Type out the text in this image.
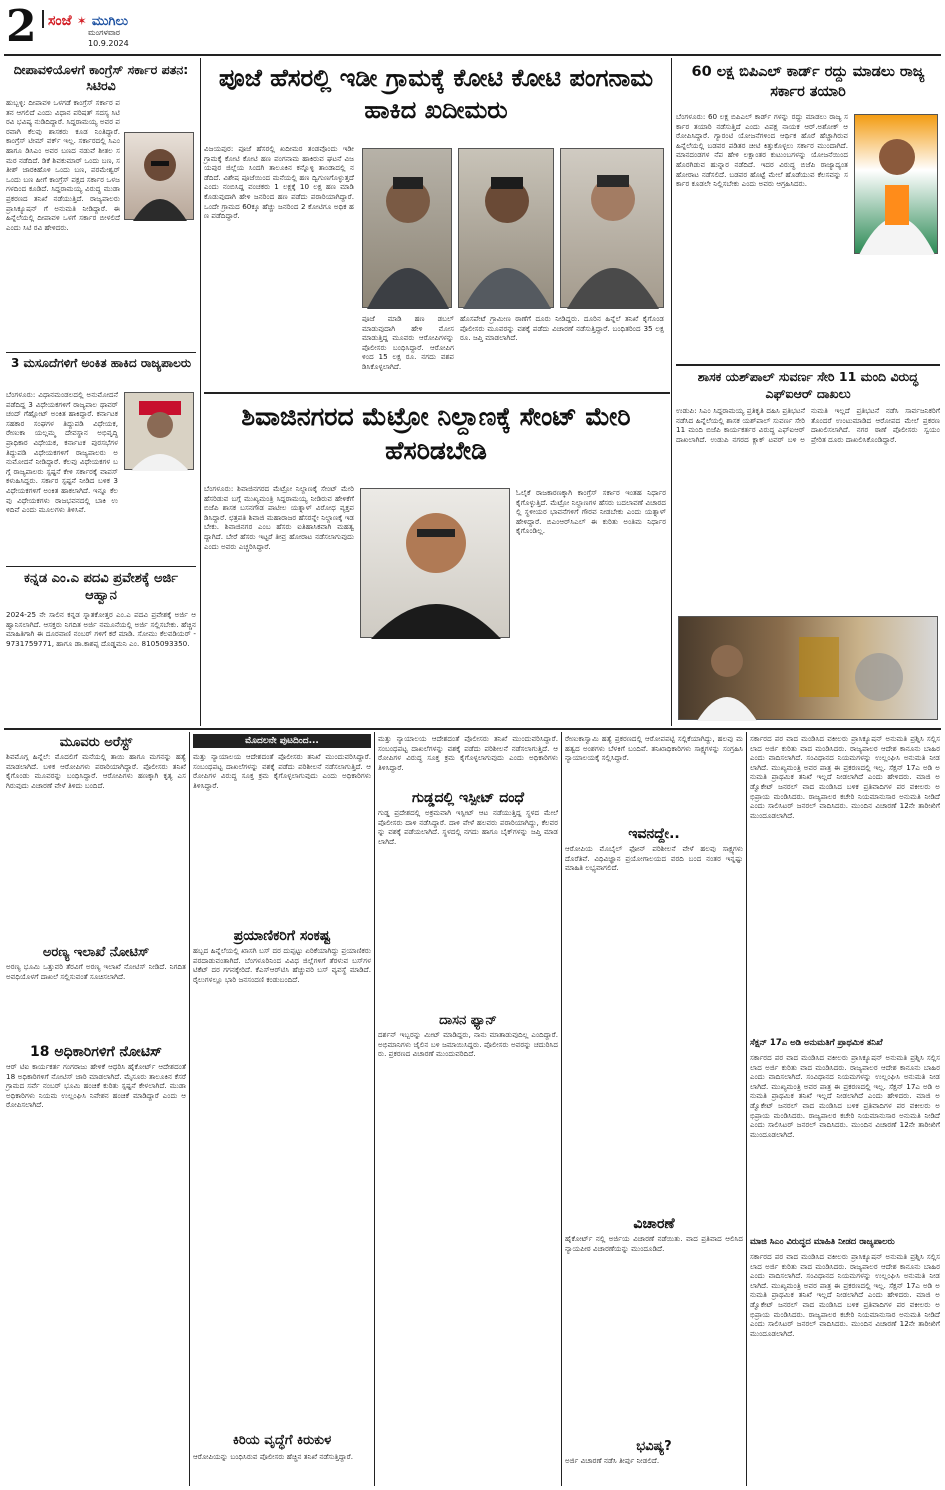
2 ಸಂಜೆ ✶ ಮುಗಿಲು
ಮಂಗಳವಾರ
10.9.2024
ದೀಪಾವಳಿಯೊಳಗೆ ಕಾಂಗ್ರೆಸ್ ಸರ್ಕಾರ ಪತನ: ಸಿಟಿರವಿ
ಹುಬ್ಬಳ್ಳಿ: ದೀಪಾವಳಿ ಒಳಗಡೆ ಕಾಂಗ್ರೆಸ್ ಸರ್ಕಾರ ಪತನ ಆಗಲಿದೆ ಎಂದು ವಿಧಾನ ಪರಿಷತ್ ಸದಸ್ಯ ಸಿಟಿ ರವಿ ಭವಿಷ್ಯ ನುಡಿದಿದ್ದಾರೆ. ಸಿದ್ದರಾಮಯ್ಯ ಅವರ ಪರವಾಗಿ ಕೆಲವು ಶಾಸಕರು ಕೂಡ ನಿಂತಿದ್ದಾರೆ. ಕಾಂಗ್ರೆಸ್ ಟೀಮ್ ವರ್ಕ್ ಇಲ್ಲ. ಸರ್ಕಾರದಲ್ಲಿ ಸಿಎಂ ಹಾಗೂ ಡಿಸಿಎಂ ಅವರ ಬಣದ ನಡುವೆ ಶೀತಲ ಸಮರ ನಡೆದಿದೆ. ಡಿಕೆ ಶಿವಕುಮಾರ್ ಒಂದು ಬಣ, ಸತೀಶ್ ಜಾರಕಿಹೊಳಿ ಒಂದು ಬಣ, ಪರಮೇಶ್ವರ್ ಒಂದು ಬಣ ಹೀಗೆ ಕಾಂಗ್ರೆಸ್ ಪಕ್ಷದ ಸರ್ಕಾರ ಒಳಜಗಳದಿಂದ ಕೂಡಿದೆ. ಸಿದ್ದರಾಮಯ್ಯ ವಿರುದ್ಧ ಮುಡಾ ಪ್ರಕರಣದ ತನಿಖೆ ನಡೆಯುತ್ತಿದೆ. ರಾಜ್ಯಪಾಲರು ಪ್ರಾಸಿಕ್ಯೂಷನ್ ಗೆ ಅನುಮತಿ ನೀಡಿದ್ದಾರೆ. ಈ ಹಿನ್ನೆಲೆಯಲ್ಲಿ ದೀಪಾವಳಿ ಒಳಗೆ ಸರ್ಕಾರ ಬೀಳಲಿದೆ ಎಂದು ಸಿಟಿ ರವಿ ಹೇಳಿದರು.
3 ಮಸೂದೆಗಳಿಗೆ ಅಂಕಿತ ಹಾಕಿದ ರಾಜ್ಯಪಾಲರು
ಬೆಂಗಳೂರು: ವಿಧಾನಮಂಡಲದಲ್ಲಿ ಅನುಮೋದನೆ ಪಡೆದಿದ್ದ 3 ವಿಧೇಯಕಗಳಿಗೆ ರಾಜ್ಯಪಾಲ ಥಾವರ್ ಚಂದ್ ಗೆಹ್ಲೋಟ್ ಅಂಕಿತ ಹಾಕಿದ್ದಾರೆ. ಕರ್ನಾಟಕ ಸಹಕಾರ ಸಂಘಗಳ ತಿದ್ದುಪಡಿ ವಿಧೇಯಕ, ರೇಣುಕಾ ಯಲ್ಲಮ್ಮ ದೇವಸ್ಥಾನ ಅಭಿವೃದ್ಧಿ ಪ್ರಾಧಿಕಾರ ವಿಧೇಯಕ, ಕರ್ನಾಟಕ ಪುರಸಭೆಗಳ ತಿದ್ದುಪಡಿ ವಿಧೇಯಕಗಳಿಗೆ ರಾಜ್ಯಪಾಲರು ಅನುಮೋದನೆ ನೀಡಿದ್ದಾರೆ. ಕೆಲವು ವಿಧೇಯಕಗಳ ಬಗ್ಗೆ ರಾಜ್ಯಪಾಲರು ಸ್ಪಷ್ಟನೆ ಕೇಳಿ ಸರ್ಕಾರಕ್ಕೆ ವಾಪಸ್ ಕಳುಹಿಸಿದ್ದರು. ಸರ್ಕಾರ ಸ್ಪಷ್ಟನೆ ನೀಡಿದ ಬಳಿಕ 3 ವಿಧೇಯಕಗಳಿಗೆ ಅಂಕಿತ ಹಾಕಲಾಗಿದೆ. ಇನ್ನೂ ಕೆಲವು ವಿಧೇಯಕಗಳು ರಾಜಭವನದಲ್ಲಿ ಬಾಕಿ ಉಳಿದಿವೆ ಎಂದು ಮೂಲಗಳು ತಿಳಿಸಿವೆ.
ಕನ್ನಡ ಎಂ.ಎ ಪದವಿ ಪ್ರವೇಶಕ್ಕೆ ಅರ್ಜಿ ಆಹ್ವಾನ
2024-25 ನೇ ಸಾಲಿನ ಕನ್ನಡ ಸ್ನಾತಕೋತ್ತರ ಎಂ.ಎ ಪದವಿ ಪ್ರವೇಶಕ್ಕೆ ಅರ್ಜಿ ಆಹ್ವಾನಿಸಲಾಗಿದೆ. ಆಸಕ್ತರು ನಿಗದಿತ ಅರ್ಜಿ ನಮೂನೆಯಲ್ಲಿ ಅರ್ಜಿ ಸಲ್ಲಿಸಬೇಕು. ಹೆಚ್ಚಿನ ಮಾಹಿತಿಗಾಗಿ ಈ ದೂರವಾಣಿ ನಂಬರ್ ಗಳಿಗೆ ಕರೆ ಮಾಡಿ. ಸೋಮು ಕೆಲವಡಿಯರ್ - 9731759771, ಹಾಗೂ ಡಾ.ಕಾಶಪ್ಪ ದೊಡ್ಡಮನಿ ಎಂ. 8105093350.
ಪೂಜೆ ಹೆಸರಲ್ಲಿ ಇಡೀ ಗ್ರಾಮಕ್ಕೆ ಕೋಟಿ ಕೋಟಿ ಪಂಗನಾಮ ಹಾಕಿದ ಖದೀಮರು
ವಿಜಯಪುರ: ಪೂಜೆ ಹೆಸರಲ್ಲಿ ಖದೀಮರ ತಂಡವೊಂದು ಇಡೀ ಗ್ರಾಮಕ್ಕೆ ಕೋಟಿ ಕೋಟಿ ಹಣ ಪಂಗನಾಮ ಹಾಕಿರುವ ಘಟನೆ ವಿಜಯಪುರ ಜಿಲ್ಲೆಯ ಸಿಂದಗಿ ತಾಲೂಕಿನ ಕನ್ನೊಳ್ಳಿ ತಾಂಡಾದಲ್ಲಿ ನಡೆದಿದೆ. ವಿಶೇಷ ಪೂಜೆಯಿಂದ ಮನೆಯಲ್ಲಿ ಹಣ ದ್ವಿಗುಣಗೊಳ್ಳುತ್ತದೆ ಎಂದು ನಂಬಿಸಿದ್ದ ವಂಚಕರು 1 ಲಕ್ಷಕ್ಕೆ 10 ಲಕ್ಷ ಹಣ ಮಾಡಿ ಕೊಡುವುದಾಗಿ ಹೇಳಿ ಜನರಿಂದ ಹಣ ಪಡೆದು ಪರಾರಿಯಾಗಿದ್ದಾರೆ. ಒಂದೇ ಗ್ರಾಮದ 60ಕ್ಕೂ ಹೆಚ್ಚು ಜನರಿಂದ 2 ಕೋಟಿಗೂ ಅಧಿಕ ಹಣ ಪಡೆದಿದ್ದಾರೆ.
ಪೂಜೆ ಮಾಡಿ ಹಣ ಡಬಲ್ ಮಾಡುವುದಾಗಿ ಹೇಳಿ ಮೋಸ ಮಾಡುತ್ತಿದ್ದ ಮೂವರು ಆರೋಪಿಗಳನ್ನು ಪೊಲೀಸರು ಬಂಧಿಸಿದ್ದಾರೆ. ಆರೋಪಿಗಳಿಂದ 15 ಲಕ್ಷ ರೂ. ನಗದು ವಶಪಡಿಸಿಕೊಳ್ಳಲಾಗಿದೆ.
ಹೊಸಪೇಟೆ ಗ್ರಾಮೀಣ ಠಾಣೆಗೆ ದೂರು ನೀಡಿದ್ದರು. ದೂರಿನ ಹಿನ್ನೆಲೆ ತನಿಖೆ ಕೈಗೊಂಡ ಪೊಲೀಸರು ಮೂವರನ್ನು ವಶಕ್ಕೆ ಪಡೆದು ವಿಚಾರಣೆ ನಡೆಸುತ್ತಿದ್ದಾರೆ. ಬಂಧಿತರಿಂದ 35 ಲಕ್ಷ ರೂ. ಜಪ್ತಿ ಮಾಡಲಾಗಿದೆ.
ಶಿವಾಜಿನಗರದ ಮೆಟ್ರೋ ನಿಲ್ದಾಣಕ್ಕೆ ಸೇಂಟ್ ಮೇರಿ ಹೆಸರಿಡಬೇಡಿ
ಬೆಂಗಳೂರು: ಶಿವಾಜಿನಗರದ ಮೆಟ್ರೋ ನಿಲ್ದಾಣಕ್ಕೆ ಸೇಂಟ್ ಮೇರಿ ಹೆಸರಿಡುವ ಬಗ್ಗೆ ಮುಖ್ಯಮಂತ್ರಿ ಸಿದ್ದರಾಮಯ್ಯ ನೀಡಿರುವ ಹೇಳಿಕೆಗೆ ಬಿಜೆಪಿ ಶಾಸಕ ಬಸನಗೌಡ ಪಾಟೀಲ ಯತ್ನಾಳ್ ವಿರೋಧ ವ್ಯಕ್ತಪಡಿಸಿದ್ದಾರೆ. ಛತ್ರಪತಿ ಶಿವಾಜಿ ಮಹಾರಾಜರ ಹೆಸರನ್ನೇ ನಿಲ್ದಾಣಕ್ಕೆ ಇಡಬೇಕು. ಶಿವಾಜಿನಗರ ಎಂಬ ಹೆಸರು ಐತಿಹಾಸಿಕವಾಗಿ ಮಹತ್ವದ್ದಾಗಿದೆ. ಬೇರೆ ಹೆಸರು ಇಟ್ಟರೆ ತೀವ್ರ ಹೋರಾಟ ನಡೆಸಲಾಗುವುದು ಎಂದು ಅವರು ಎಚ್ಚರಿಸಿದ್ದಾರೆ.
ಓಲೈಕೆ ರಾಜಕಾರಣಕ್ಕಾಗಿ ಕಾಂಗ್ರೆಸ್ ಸರ್ಕಾರ ಇಂತಹ ನಿರ್ಧಾರ ಕೈಗೊಳ್ಳುತ್ತಿದೆ. ಮೆಟ್ರೋ ನಿಲ್ದಾಣಗಳ ಹೆಸರು ಬದಲಾವಣೆ ವಿಚಾರದಲ್ಲಿ ಸ್ಥಳೀಯರ ಭಾವನೆಗಳಿಗೆ ಗೌರವ ನೀಡಬೇಕು ಎಂದು ಯತ್ನಾಳ್ ಹೇಳಿದ್ದಾರೆ. ಬಿಎಂಆರ್‌ಸಿಎಲ್ ಈ ಕುರಿತು ಅಂತಿಮ ನಿರ್ಧಾರ ಕೈಗೊಂಡಿಲ್ಲ.
60 ಲಕ್ಷ ಬಿಪಿಎಲ್ ಕಾರ್ಡ್ ರದ್ದು ಮಾಡಲು ರಾಜ್ಯ ಸರ್ಕಾರ ತಯಾರಿ
ಬೆಂಗಳೂರು: 60 ಲಕ್ಷ ಬಿಪಿಎಲ್ ಕಾರ್ಡ್ ಗಳನ್ನು ರದ್ದು ಮಾಡಲು ರಾಜ್ಯ ಸರ್ಕಾರ ತಯಾರಿ ನಡೆಸುತ್ತಿದೆ ಎಂದು ವಿಪಕ್ಷ ನಾಯಕ ಆರ್.ಅಶೋಕ್ ಆರೋಪಿಸಿದ್ದಾರೆ. ಗ್ಯಾರಂಟಿ ಯೋಜನೆಗಳಿಂದ ಆರ್ಥಿಕ ಹೊರೆ ಹೆಚ್ಚಾಗಿರುವ ಹಿನ್ನೆಲೆಯಲ್ಲಿ ಬಡವರ ಪಡಿತರ ಚೀಟಿ ಕಿತ್ತುಕೊಳ್ಳಲು ಸರ್ಕಾರ ಮುಂದಾಗಿದೆ. ಮಾನದಂಡಗಳ ನೆಪ ಹೇಳಿ ಲಕ್ಷಾಂತರ ಕುಟುಂಬಗಳನ್ನು ಯೋಜನೆಯಿಂದ ಹೊರಗಿಡುವ ಹುನ್ನಾರ ನಡೆದಿದೆ. ಇದರ ವಿರುದ್ಧ ಬಿಜೆಪಿ ರಾಜ್ಯಾದ್ಯಂತ ಹೋರಾಟ ನಡೆಸಲಿದೆ. ಬಡವರ ಹೊಟ್ಟೆ ಮೇಲೆ ಹೊಡೆಯುವ ಕೆಲಸವನ್ನು ಸರ್ಕಾರ ಕೂಡಲೇ ನಿಲ್ಲಿಸಬೇಕು ಎಂದು ಅವರು ಆಗ್ರಹಿಸಿದರು.
ಶಾಸಕ ಯಶ್‌ಪಾಲ್ ಸುವರ್ಣ ಸೇರಿ 11 ಮಂದಿ ವಿರುದ್ಧ ಎಫ್‌ಐಆರ್ ದಾಖಲು
ಉಡುಪಿ: ಸಿಎಂ ಸಿದ್ದರಾಮಯ್ಯ ಪ್ರತಿಕೃತಿ ದಹಿಸಿ ಪ್ರತಿಭಟನೆ ನಡೆಸಿದ ಹಿನ್ನೆಲೆಯಲ್ಲಿ ಶಾಸಕ ಯಶ್‌ಪಾಲ್ ಸುವರ್ಣ ಸೇರಿ 11 ಮಂದಿ ಬಿಜೆಪಿ ಕಾರ್ಯಕರ್ತರ ವಿರುದ್ಧ ಎಫ್‌ಐಆರ್ ದಾಖಲಾಗಿದೆ. ಉಡುಪಿ ನಗರದ ಕ್ಲಾಕ್ ಟವರ್ ಬಳಿ ಅನುಮತಿ ಇಲ್ಲದೆ ಪ್ರತಿಭಟನೆ ನಡೆಸಿ ಸಾರ್ವಜನಿಕರಿಗೆ ತೊಂದರೆ ಉಂಟುಮಾಡಿದ ಆರೋಪದ ಮೇಲೆ ಪ್ರಕರಣ ದಾಖಲಿಸಲಾಗಿದೆ. ನಗರ ಠಾಣೆ ಪೊಲೀಸರು ಸ್ವಯಂ ಪ್ರೇರಿತ ದೂರು ದಾಖಲಿಸಿಕೊಂಡಿದ್ದಾರೆ.
ಮೂವರು ಅರೆಸ್ಟ್
ಶಿವಮೊಗ್ಗ ಹಿನ್ನೆಲೆ: ಮೊದಲಿಗೆ ಮನೆಯಲ್ಲಿ ತಾಯಿ ಹಾಗೂ ಮಗನನ್ನು ಹತ್ಯೆ ಮಾಡಲಾಗಿದೆ. ಬಳಿಕ ಆರೋಪಿಗಳು ಪರಾರಿಯಾಗಿದ್ದಾರೆ. ಪೊಲೀಸರು ತನಿಖೆ ಕೈಗೊಂಡು ಮೂವರನ್ನು ಬಂಧಿಸಿದ್ದಾರೆ. ಆರೋಪಿಗಳು ಹಣಕ್ಕಾಗಿ ಕೃತ್ಯ ಎಸಗಿರುವುದು ವಿಚಾರಣೆ ವೇಳೆ ತಿಳಿದು ಬಂದಿದೆ.
ಅರಣ್ಯ ಇಲಾಖೆ ನೋಟಿಸ್
ಅರಣ್ಯ ಭೂಮಿ ಒತ್ತುವರಿ ತೆರವಿಗೆ ಅರಣ್ಯ ಇಲಾಖೆ ನೋಟಿಸ್ ನೀಡಿದೆ. ನಿಗದಿತ ಅವಧಿಯೊಳಗೆ ದಾಖಲೆ ಸಲ್ಲಿಸುವಂತೆ ಸೂಚಿಸಲಾಗಿದೆ.
18 ಅಧಿಕಾರಿಗಳಿಗೆ ನೋಟಿಸ್
ಆರ್ ಟಿಐ ಕಾರ್ಯಕರ್ತ ಗಂಗರಾಜು ಹೇಳಿಕೆ ಆಧರಿಸಿ ಹೈಕೋರ್ಟ್ ಆದೇಶದಂತೆ 18 ಅಧಿಕಾರಿಗಳಿಗೆ ನೋಟಿಸ್ ಜಾರಿ ಮಾಡಲಾಗಿದೆ. ಮೈಸೂರು ತಾಲೂಕಿನ ಕೆಸರೆ ಗ್ರಾಮದ ಸರ್ವೆ ನಂಬರ್ ಭೂಮಿ ಹಂಚಿಕೆ ಕುರಿತು ಸ್ಪಷ್ಟನೆ ಕೇಳಲಾಗಿದೆ. ಮುಡಾ ಅಧಿಕಾರಿಗಳು ನಿಯಮ ಉಲ್ಲಂಘಿಸಿ ನಿವೇಶನ ಹಂಚಿಕೆ ಮಾಡಿದ್ದಾರೆ ಎಂದು ಆರೋಪಿಸಲಾಗಿದೆ.
ಮೊದಲನೇ ಪುಟದಿಂದ...
ಮತ್ತು ನ್ಯಾಯಾಲಯ ಆದೇಶದಂತೆ ಪೊಲೀಸರು ತನಿಖೆ ಮುಂದುವರಿಸಿದ್ದಾರೆ. ಸಂಬಂಧಪಟ್ಟ ದಾಖಲೆಗಳನ್ನು ವಶಕ್ಕೆ ಪಡೆದು ಪರಿಶೀಲನೆ ನಡೆಸಲಾಗುತ್ತಿದೆ. ಆರೋಪಿಗಳ ವಿರುದ್ಧ ಸೂಕ್ತ ಕ್ರಮ ಕೈಗೊಳ್ಳಲಾಗುವುದು ಎಂದು ಅಧಿಕಾರಿಗಳು ತಿಳಿಸಿದ್ದಾರೆ.
ಪ್ರಯಾಣಿಕರಿಗೆ ಸಂಕಷ್ಟ
ಹಬ್ಬದ ಹಿನ್ನೆಲೆಯಲ್ಲಿ ಖಾಸಗಿ ಬಸ್ ದರ ದುಪ್ಪಟ್ಟು ಏರಿಕೆಯಾಗಿದ್ದು ಪ್ರಯಾಣಿಕರು ಪರದಾಡುವಂತಾಗಿದೆ. ಬೆಂಗಳೂರಿನಿಂದ ವಿವಿಧ ಜಿಲ್ಲೆಗಳಿಗೆ ತೆರಳುವ ಬಸ್‌ಗಳ ಟಿಕೆಟ್ ದರ ಗಗನಕ್ಕೇರಿದೆ. ಕೆಎಸ್‌ಆರ್‌ಟಿಸಿ ಹೆಚ್ಚುವರಿ ಬಸ್ ವ್ಯವಸ್ಥೆ ಮಾಡಿದೆ. ರೈಲುಗಳಲ್ಲೂ ಭಾರಿ ಜನಸಂದಣಿ ಕಂಡುಬಂದಿದೆ.
ಕಿರಿಯ ವೃದ್ಧೆಗೆ ಕಿರುಕುಳ
ಆರೋಪಿಯನ್ನು ಬಂಧಿಸಿರುವ ಪೊಲೀಸರು ಹೆಚ್ಚಿನ ತನಿಖೆ ನಡೆಸುತ್ತಿದ್ದಾರೆ.
ಮತ್ತು ನ್ಯಾಯಾಲಯ ಆದೇಶದಂತೆ ಪೊಲೀಸರು ತನಿಖೆ ಮುಂದುವರಿಸಿದ್ದಾರೆ. ಸಂಬಂಧಪಟ್ಟ ದಾಖಲೆಗಳನ್ನು ವಶಕ್ಕೆ ಪಡೆದು ಪರಿಶೀಲನೆ ನಡೆಸಲಾಗುತ್ತಿದೆ. ಆರೋಪಿಗಳ ವಿರುದ್ಧ ಸೂಕ್ತ ಕ್ರಮ ಕೈಗೊಳ್ಳಲಾಗುವುದು ಎಂದು ಅಧಿಕಾರಿಗಳು ತಿಳಿಸಿದ್ದಾರೆ.
ಗುಡ್ಡದಲ್ಲಿ ಇಸ್ಪೀಟ್ ದಂಧೆ
ಗುಡ್ಡ ಪ್ರದೇಶದಲ್ಲಿ ಅಕ್ರಮವಾಗಿ ಇಸ್ಪೀಟ್ ಆಟ ನಡೆಯುತ್ತಿದ್ದ ಸ್ಥಳದ ಮೇಲೆ ಪೊಲೀಸರು ದಾಳಿ ನಡೆಸಿದ್ದಾರೆ. ದಾಳಿ ವೇಳೆ ಹಲವರು ಪರಾರಿಯಾಗಿದ್ದು, ಕೆಲವರನ್ನು ವಶಕ್ಕೆ ಪಡೆಯಲಾಗಿದೆ. ಸ್ಥಳದಲ್ಲಿ ನಗದು ಹಾಗೂ ಬೈಕ್‌ಗಳನ್ನು ಜಪ್ತಿ ಮಾಡಲಾಗಿದೆ.
ದಾಸನ ಫ್ಯಾನ್
ದರ್ಶನ್ ಇಬ್ಬರನ್ನು ಮೀಟ್ ಮಾಡಿದ್ದರು, ನಾನು ಮಾತಾಡುವುದಿಲ್ಲ ಎಂದಿದ್ದಾರೆ. ಅಭಿಮಾನಿಗಳು ಜೈಲಿನ ಬಳಿ ಜಮಾಯಿಸಿದ್ದರು. ಪೊಲೀಸರು ಅವರನ್ನು ಚದುರಿಸಿದರು. ಪ್ರಕರಣದ ವಿಚಾರಣೆ ಮುಂದುವರಿದಿದೆ.
ರೇಣುಕಾಸ್ವಾಮಿ ಹತ್ಯೆ ಪ್ರಕರಣದಲ್ಲಿ ಆರೋಪಪಟ್ಟಿ ಸಲ್ಲಿಕೆಯಾಗಿದ್ದು, ಹಲವು ಮಹತ್ವದ ಅಂಶಗಳು ಬೆಳಕಿಗೆ ಬಂದಿವೆ. ತನಿಖಾಧಿಕಾರಿಗಳು ಸಾಕ್ಷ್ಯಗಳನ್ನು ಸಂಗ್ರಹಿಸಿ ನ್ಯಾಯಾಲಯಕ್ಕೆ ಸಲ್ಲಿಸಿದ್ದಾರೆ.
ಇವನದ್ದೇ..
ಆರೋಪಿಯ ಮೊಬೈಲ್ ಫೋನ್ ಪರಿಶೀಲನೆ ವೇಳೆ ಹಲವು ಸಾಕ್ಷ್ಯಗಳು ದೊರೆತಿವೆ. ವಿಧಿವಿಜ್ಞಾನ ಪ್ರಯೋಗಾಲಯದ ವರದಿ ಬಂದ ನಂತರ ಇನ್ನಷ್ಟು ಮಾಹಿತಿ ಲಭ್ಯವಾಗಲಿದೆ.
ವಿಚಾರಣೆ
ಹೈಕೋರ್ಟ್ ನಲ್ಲಿ ಅರ್ಜಿಯ ವಿಚಾರಣೆ ನಡೆಯಿತು. ವಾದ ಪ್ರತಿವಾದ ಆಲಿಸಿದ ನ್ಯಾಯಪೀಠ ವಿಚಾರಣೆಯನ್ನು ಮುಂದೂಡಿದೆ.
ಭವಿಷ್ಯ?
ಅರ್ಜಿ ವಿಚಾರಣೆ ನಡೆಸಿ ತೀರ್ಪು ನೀಡಲಿದೆ.
ಸರ್ಕಾರದ ಪರ ವಾದ ಮಂಡಿಸಿದ ವಕೀಲರು ಪ್ರಾಸಿಕ್ಯೂಷನ್ ಅನುಮತಿ ಪ್ರಶ್ನಿಸಿ ಸಲ್ಲಿಸಲಾದ ಅರ್ಜಿ ಕುರಿತು ವಾದ ಮಂಡಿಸಿದರು. ರಾಜ್ಯಪಾಲರ ಆದೇಶ ಕಾನೂನು ಬಾಹಿರ ಎಂದು ವಾದಿಸಲಾಗಿದೆ. ಸಂವಿಧಾನದ ನಿಯಮಗಳನ್ನು ಉಲ್ಲಂಘಿಸಿ ಅನುಮತಿ ನೀಡಲಾಗಿದೆ. ಮುಖ್ಯಮಂತ್ರಿ ಅವರ ಪಾತ್ರ ಈ ಪ್ರಕರಣದಲ್ಲಿ ಇಲ್ಲ. ಸೆಕ್ಷನ್ 17ಎ ಅಡಿ ಅನುಮತಿ ಪ್ರಾಥಮಿಕ ತನಿಖೆ ಇಲ್ಲದೆ ನೀಡಲಾಗಿದೆ ಎಂದು ಹೇಳಿದರು. ಮಾಜಿ ಅಡ್ವೊಕೇಟ್ ಜನರಲ್ ವಾದ ಮಂಡಿಸಿದ ಬಳಿಕ ಪ್ರತಿವಾದಿಗಳ ಪರ ವಕೀಲರು ಅಭಿಪ್ರಾಯ ಮಂಡಿಸಿದರು. ರಾಜ್ಯಪಾಲರ ಕಚೇರಿ ನಿಯಮಾನುಸಾರ ಅನುಮತಿ ನೀಡಿದೆ ಎಂದು ಸಾಲಿಸಿಟರ್ ಜನರಲ್ ವಾದಿಸಿದರು. ಮುಂದಿನ ವಿಚಾರಣೆ 12ನೇ ತಾರೀಖಿಗೆ ಮುಂದೂಡಲಾಗಿದೆ.
ಸೆಕ್ಷನ್ 17ಎ ಅಡಿ ಅನುಮತಿಗೆ ಪ್ರಾಥಮಿಕ ತನಿಖೆ
ಸರ್ಕಾರದ ಪರ ವಾದ ಮಂಡಿಸಿದ ವಕೀಲರು ಪ್ರಾಸಿಕ್ಯೂಷನ್ ಅನುಮತಿ ಪ್ರಶ್ನಿಸಿ ಸಲ್ಲಿಸಲಾದ ಅರ್ಜಿ ಕುರಿತು ವಾದ ಮಂಡಿಸಿದರು. ರಾಜ್ಯಪಾಲರ ಆದೇಶ ಕಾನೂನು ಬಾಹಿರ ಎಂದು ವಾದಿಸಲಾಗಿದೆ. ಸಂವಿಧಾನದ ನಿಯಮಗಳನ್ನು ಉಲ್ಲಂಘಿಸಿ ಅನುಮತಿ ನೀಡಲಾಗಿದೆ. ಮುಖ್ಯಮಂತ್ರಿ ಅವರ ಪಾತ್ರ ಈ ಪ್ರಕರಣದಲ್ಲಿ ಇಲ್ಲ. ಸೆಕ್ಷನ್ 17ಎ ಅಡಿ ಅನುಮತಿ ಪ್ರಾಥಮಿಕ ತನಿಖೆ ಇಲ್ಲದೆ ನೀಡಲಾಗಿದೆ ಎಂದು ಹೇಳಿದರು. ಮಾಜಿ ಅಡ್ವೊಕೇಟ್ ಜನರಲ್ ವಾದ ಮಂಡಿಸಿದ ಬಳಿಕ ಪ್ರತಿವಾದಿಗಳ ಪರ ವಕೀಲರು ಅಭಿಪ್ರಾಯ ಮಂಡಿಸಿದರು. ರಾಜ್ಯಪಾಲರ ಕಚೇರಿ ನಿಯಮಾನುಸಾರ ಅನುಮತಿ ನೀಡಿದೆ ಎಂದು ಸಾಲಿಸಿಟರ್ ಜನರಲ್ ವಾದಿಸಿದರು. ಮುಂದಿನ ವಿಚಾರಣೆ 12ನೇ ತಾರೀಖಿಗೆ ಮುಂದೂಡಲಾಗಿದೆ.
ಮಾಜಿ ಸಿಎಂ ವಿರುದ್ಧದ ಮಾಹಿತಿ ನೀಡದ ರಾಜ್ಯಪಾಲರು
ಸರ್ಕಾರದ ಪರ ವಾದ ಮಂಡಿಸಿದ ವಕೀಲರು ಪ್ರಾಸಿಕ್ಯೂಷನ್ ಅನುಮತಿ ಪ್ರಶ್ನಿಸಿ ಸಲ್ಲಿಸಲಾದ ಅರ್ಜಿ ಕುರಿತು ವಾದ ಮಂಡಿಸಿದರು. ರಾಜ್ಯಪಾಲರ ಆದೇಶ ಕಾನೂನು ಬಾಹಿರ ಎಂದು ವಾದಿಸಲಾಗಿದೆ. ಸಂವಿಧಾನದ ನಿಯಮಗಳನ್ನು ಉಲ್ಲಂಘಿಸಿ ಅನುಮತಿ ನೀಡಲಾಗಿದೆ. ಮುಖ್ಯಮಂತ್ರಿ ಅವರ ಪಾತ್ರ ಈ ಪ್ರಕರಣದಲ್ಲಿ ಇಲ್ಲ. ಸೆಕ್ಷನ್ 17ಎ ಅಡಿ ಅನುಮತಿ ಪ್ರಾಥಮಿಕ ತನಿಖೆ ಇಲ್ಲದೆ ನೀಡಲಾಗಿದೆ ಎಂದು ಹೇಳಿದರು. ಮಾಜಿ ಅಡ್ವೊಕೇಟ್ ಜನರಲ್ ವಾದ ಮಂಡಿಸಿದ ಬಳಿಕ ಪ್ರತಿವಾದಿಗಳ ಪರ ವಕೀಲರು ಅಭಿಪ್ರಾಯ ಮಂಡಿಸಿದರು. ರಾಜ್ಯಪಾಲರ ಕಚೇರಿ ನಿಯಮಾನುಸಾರ ಅನುಮತಿ ನೀಡಿದೆ ಎಂದು ಸಾಲಿಸಿಟರ್ ಜನರಲ್ ವಾದಿಸಿದರು. ಮುಂದಿನ ವಿಚಾರಣೆ 12ನೇ ತಾರೀಖಿಗೆ ಮುಂದೂಡಲಾಗಿದೆ.
